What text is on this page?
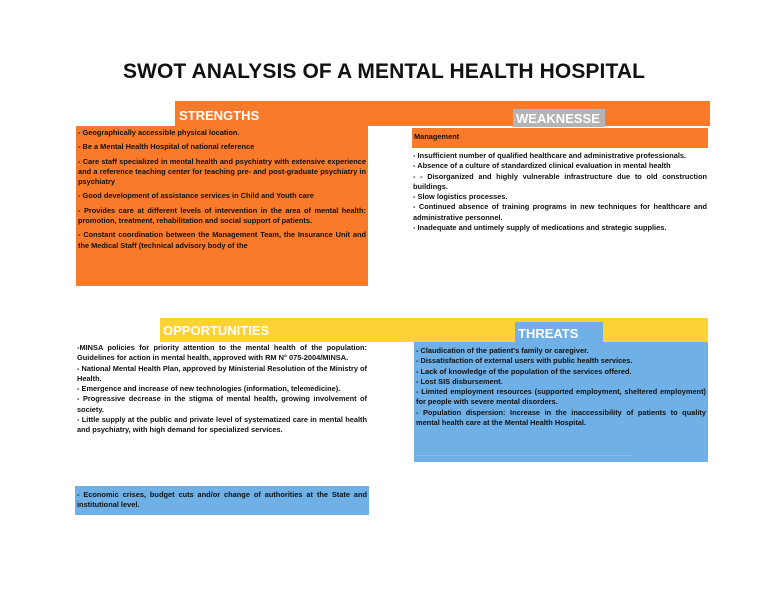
SWOT ANALYSIS OF A MENTAL HEALTH HOSPITAL
STRENGTHS	WEAKNESSE

- Geographically accessible physical location.

- Be a Mental Health Hospital of national reference

- Care staff specialized in mental health and psychiatry with extensive experience and a reference teaching center for teaching pre- and post-graduate psychiatry in psychiatry

- Good development of assistance services in Child and Youth care

- Provides care at different levels of intervention in the area of mental health: promotion, treatment, rehabilitation and social support of patients.

- Constant coordination between the Management Team, the Insurance Unit and the Medical Staff (technical advisory body of the

Management

- Insufficient number of qualified healthcare and administrative professionals.

- Absence of a culture of standardized clinical evaluation in mental health

- - Disorganized and highly vulnerable infrastructure due to old construction buildings.

- Slow logistics processes.

- Continued absence of training programs in new techniques for healthcare and administrative personnel.

- Inadequate and untimely supply of medications and strategic supplies.

OPPORTUNITIES	THREATS

-MINSA policies for priority attention to the mental health of the population: Guidelines for action in mental health, approved with RM N° 075-2004/MINSA.

- National Mental Health Plan, approved by Ministerial Resolution of the Ministry of Health.

- Emergence and increase of new technologies (information, telemedicine).

- Progressive decrease in the stigma of mental health, growing involvement of society.

- Little supply at the public and private level of systematized care in mental health and psychiatry, with high demand for specialized services.

- Economic crises, budget cuts and/or change of authorities at the State and institutional level.

- Claudication of the patient's family or caregiver.

- Dissatisfaction of external users with public health services.

- Lack of knowledge of the population of the services offered.

- Lost SIS disbursement.

- Limited employment resources (supported employment, sheltered employment) for people with severe mental disorders.

- Population dispersion: Increase in the inaccessibility of patients to quality mental health care at the Mental Health Hospital.
